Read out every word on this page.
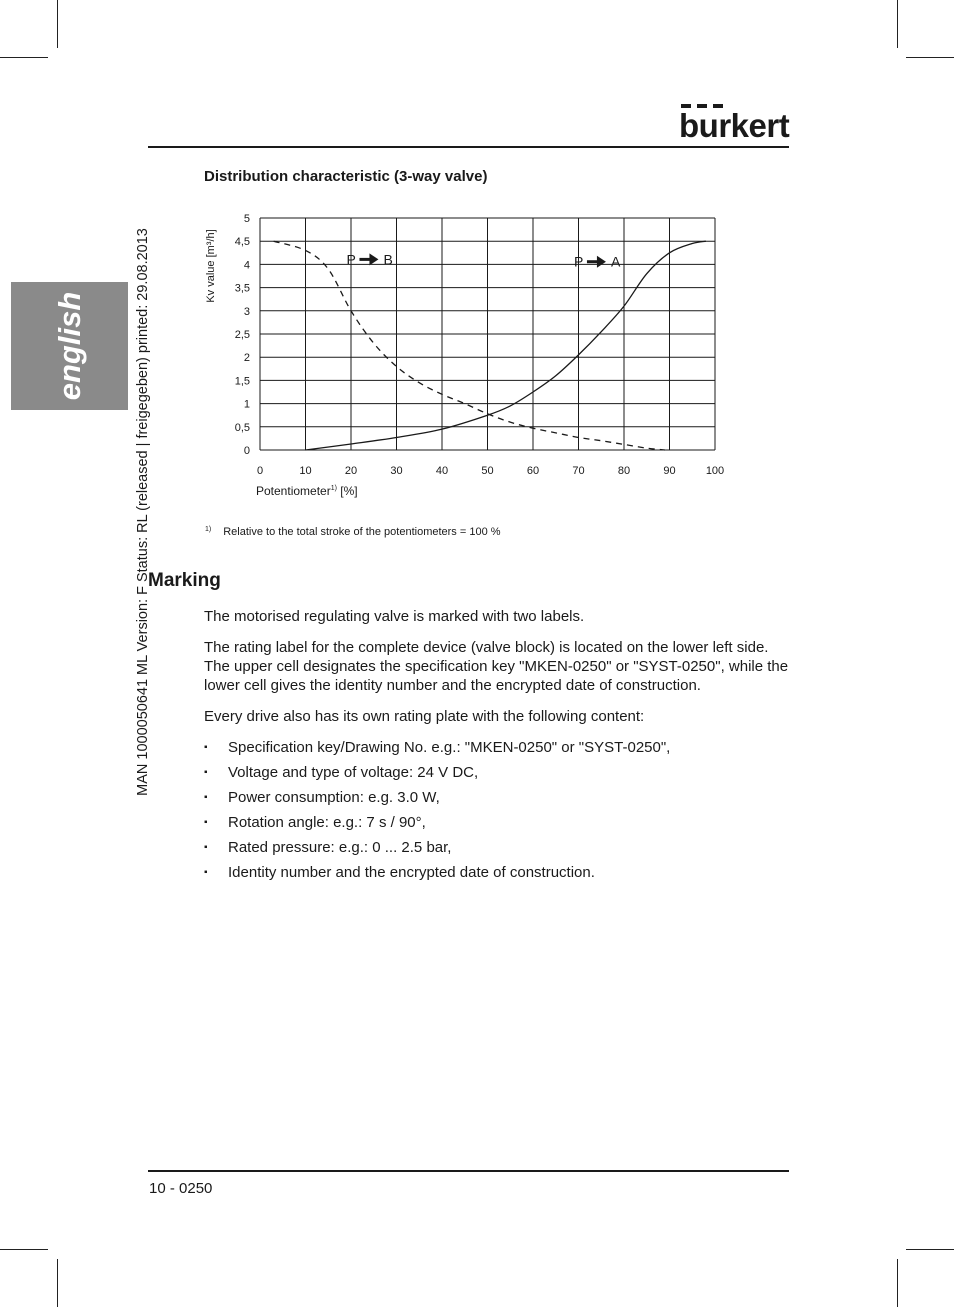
burkert
english	MAN 1000050641 ML Version: F Status: RL (released | freigegeben) printed: 29.08.2013
Distribution characteristic (3-way valve)
0
0,5
1
1,5
2
2,5
3
3,5
4
4,5
5
0	10	20	30	40	50	60	70	80	90	100
Kv value [m³/h]
Potentiometer$^{1)}$ [%]
P B	P A
$^{1)}$ Relative to the total stroke of the potentiometers = 100 %
Marking

The motorised regulating valve is marked with two labels.

The rating label for the complete device (valve block) is located on the lower left side. The upper cell designates the specification key "MKEN-0250" or "SYST-0250", while the lower cell gives the identity number and the encrypted date of construction.

Every drive also has its own rating plate with the following content:

▪ Specification key/Drawing No. e.g.: "MKEN-0250" or "SYST-0250",
▪ Voltage and type of voltage: 24 V DC,
▪ Power consumption: e.g. 3.0 W,
▪ Rotation angle: e.g.: 7 s / 90°,
▪ Rated pressure: e.g.: 0 ... 2.5 bar,
▪ Identity number and the encrypted date of construction.
10 - 0250
